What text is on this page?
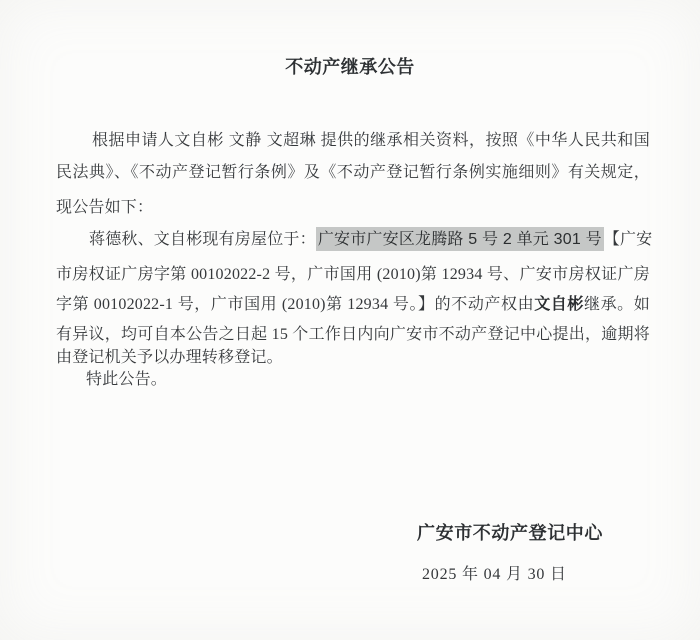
不动产继承公告
根据申请人文自彬 文静 文超琳 提供的继承相关资料，按照《中华人民共和国
民法典》、《不动产登记暂行条例》及《不动产登记暂行条例实施细则》有关规定，
现公告如下：
蒋德秋、文自彬现有房屋位于： 广安市广安区龙腾路 5 号 2 单元 301 号 【广安
市房权证广房字第 00102022-2 号，广市国用 (2010)第 12934 号、广安市房权证广房
字第 00102022-1 号，广市国用 (2010)第 12934 号。】的不动产权由文自彬继承。如
有异议，均可自本公告之日起 15 个工作日内向广安市不动产登记中心提出，逾期将
由登记机关予以办理转移登记。
特此公告。
广安市不动产登记中心
2025 年 04 月 30 日
